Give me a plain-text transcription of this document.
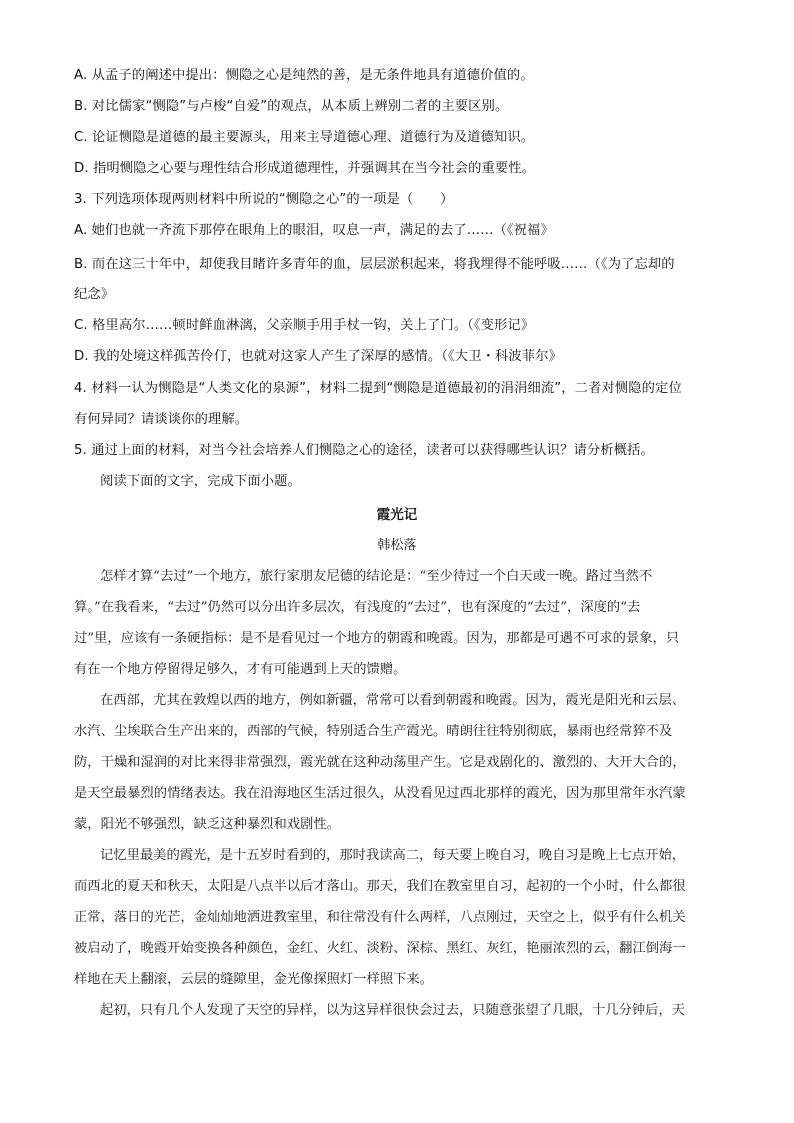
A. 从孟子的阐述中提出：恻隐之心是纯然的善，是无条件地具有道德价值的。
B. 对比儒家“恻隐”与卢梭“自爱”的观点，从本质上辨别二者的主要区别。
C. 论证恻隐是道德的最主要源头，用来主导道德心理、道德行为及道德知识。
D. 指明恻隐之心要与理性结合形成道德理性，并强调其在当今社会的重要性。
3. 下列选项体现两则材料中所说的“恻隐之心”的一项是（　　）
A. 她们也就一齐流下那停在眼角上的眼泪，叹息一声，满足的去了……（《祝福》
B. 而在这三十年中，却使我目睹许多青年的血，层层淤积起来，将我埋得不能呼吸……（《为了忘却的
纪念》
C. 格里高尔……顿时鲜血淋漓，父亲顺手用手杖一钩，关上了门。（《变形记》
D. 我的处境这样孤苦伶仃，也就对这家人产生了深厚的感情。（《大卫・科波菲尔》
4. 材料一认为恻隐是“人类文化的泉源”，材料二提到“恻隐是道德最初的涓涓细流”，二者对恻隐的定位
有何异同？请谈谈你的理解。
5. 通过上面的材料，对当今社会培养人们恻隐之心的途径，读者可以获得哪些认识？请分析概括。
阅读下面的文字，完成下面小题。
霞光记
韩松落
怎样才算“去过”一个地方，旅行家朋友尼德的结论是：“至少待过一个白天或一晚。路过当然不
算。”在我看来，“去过”仍然可以分出许多层次，有浅度的“去过”，也有深度的“去过”，深度的“去
过”里，应该有一条硬指标：是不是看见过一个地方的朝霞和晚霞。因为，那都是可遇不可求的景象，只
有在一个地方停留得足够久，才有可能遇到上天的馈赠。
在西部，尤其在敦煌以西的地方，例如新疆，常常可以看到朝霞和晚霞。因为，霞光是阳光和云层、
水汽、尘埃联合生产出来的，西部的气候，特别适合生产霞光。晴朗往往特别彻底，暴雨也经常猝不及
防，干燥和湿润的对比来得非常强烈，霞光就在这种动荡里产生。它是戏剧化的、激烈的、大开大合的，
是天空最暴烈的情绪表达。我在沿海地区生活过很久，从没看见过西北那样的霞光，因为那里常年水汽蒙
蒙，阳光不够强烈，缺乏这种暴烈和戏剧性。
记忆里最美的霞光，是十五岁时看到的，那时我读高二，每天要上晚自习，晚自习是晚上七点开始，
而西北的夏天和秋天，太阳是八点半以后才落山。那天，我们在教室里自习，起初的一个小时，什么都很
正常，落日的光芒，金灿灿地洒进教室里，和往常没有什么两样，八点刚过，天空之上，似乎有什么机关
被启动了，晚霞开始变换各种颜色，金红、火红、淡粉、深棕、黑红、灰红，艳丽浓烈的云，翻江倒海一
样地在天上翻滚，云层的缝隙里，金光像探照灯一样照下来。
起初，只有几个人发现了天空的异样，以为这异样很快会过去，只随意张望了几眼，十几分钟后，天
